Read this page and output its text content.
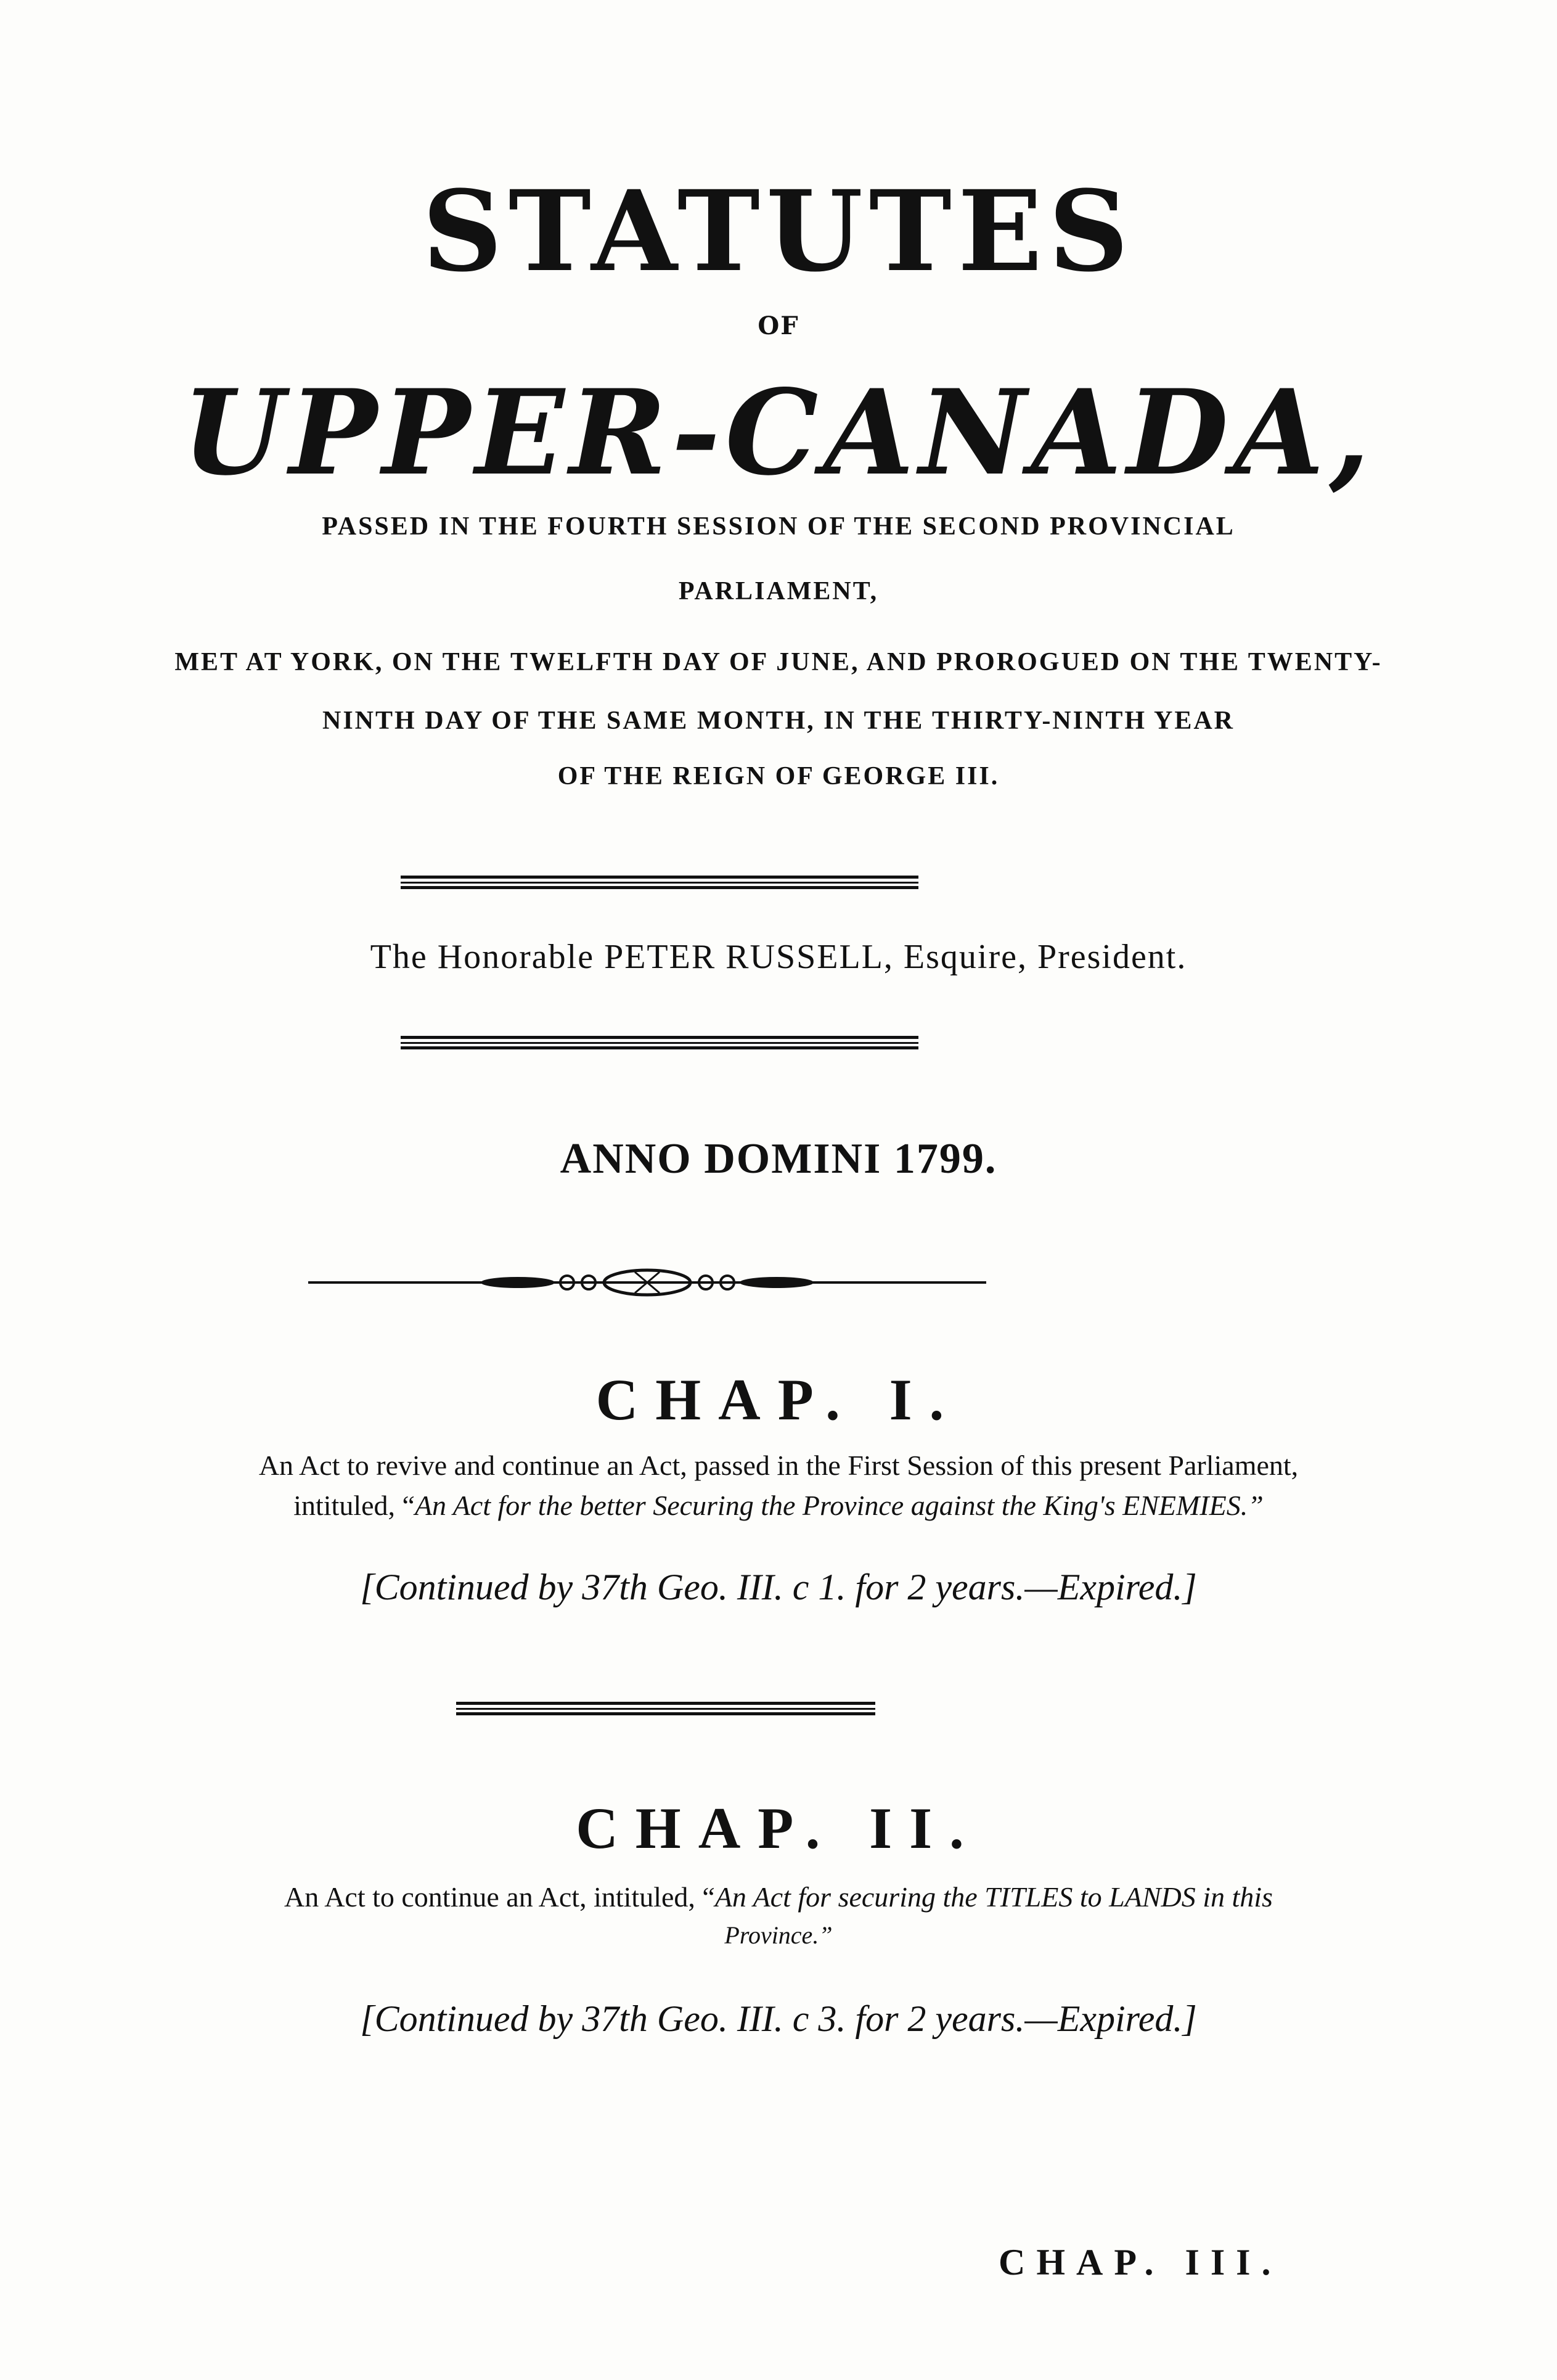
STATUTES
OF
UPPER-CANADA,
PASSED IN THE FOURTH SESSION OF THE SECOND PROVINCIAL
PARLIAMENT,
MET AT YORK, ON THE TWELFTH DAY OF JUNE, AND PROROGUED ON THE TWENTY-
NINTH DAY OF THE SAME MONTH, IN THE THIRTY-NINTH YEAR
OF THE REIGN OF GEORGE III.
The Honorable PETER RUSSELL, Esquire, President.
ANNO DOMINI 1799.
CHAP. I.
An Act to revive and continue an Act, passed in the First Session of this present Parliament,
intituled, “An Act for the better Securing the Province against the King's ENEMIES.”
[Continued by 37th Geo. III. c 1. for 2 years.—Expired.]
CHAP. II.
An Act to continue an Act, intituled, “An Act for securing the TITLES to LANDS in this
Province.”
[Continued by 37th Geo. III. c 3. for 2 years.—Expired.]
CHAP. III.
